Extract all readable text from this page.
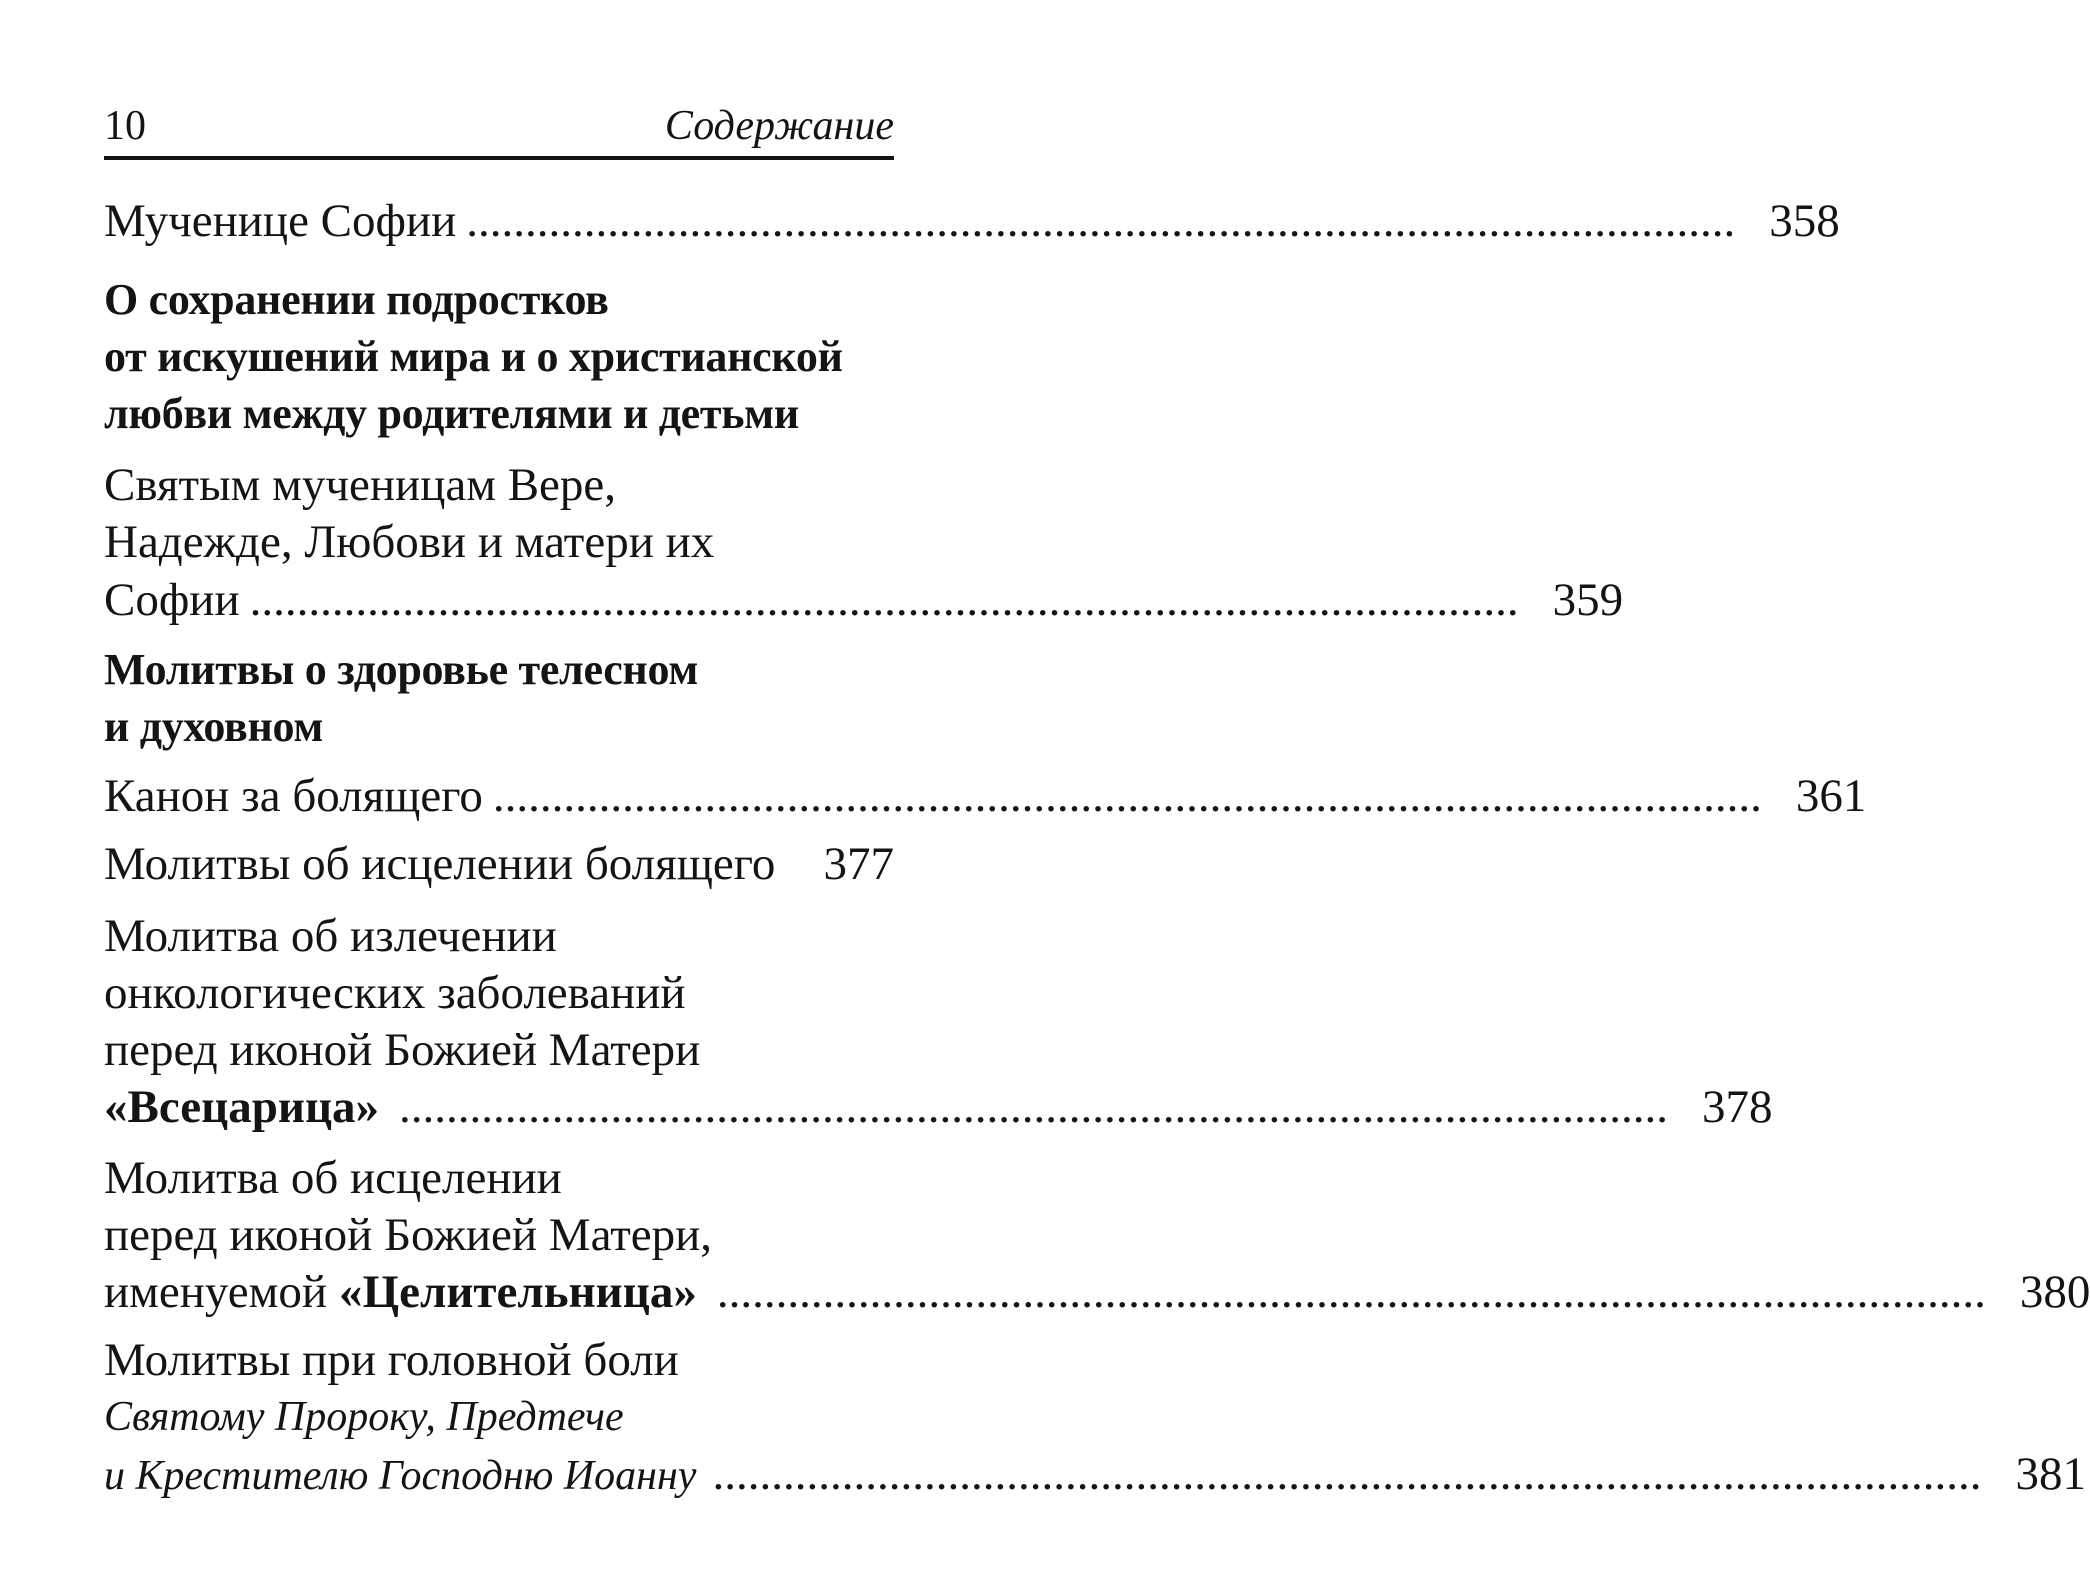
10	Содержание
Мученице Софии ............................................................................................................ 358
О сохранении подростков
от искушений мира и о христианской
любви между родителями и детьми
Святым мученицам Вере,
Надежде, Любови и матери их
Софии ............................................................................................................ 359
Молитвы о здоровье телесном
и духовном
Канон за болящего ............................................................................................................ 361
Молитвы об исцелении болящего 377
Молитва об излечении
онкологических заболеваний
перед иконой Божией Матери
«Всецарица» ............................................................................................................ 378
Молитва об исцелении
перед иконой Божией Матери,
именуемой «Целительница» ............................................................................................................ 380
Молитвы при головной боли
Святому Пророку, Предтече
и Крестителю Господню Иоанну ............................................................................................................ 381
